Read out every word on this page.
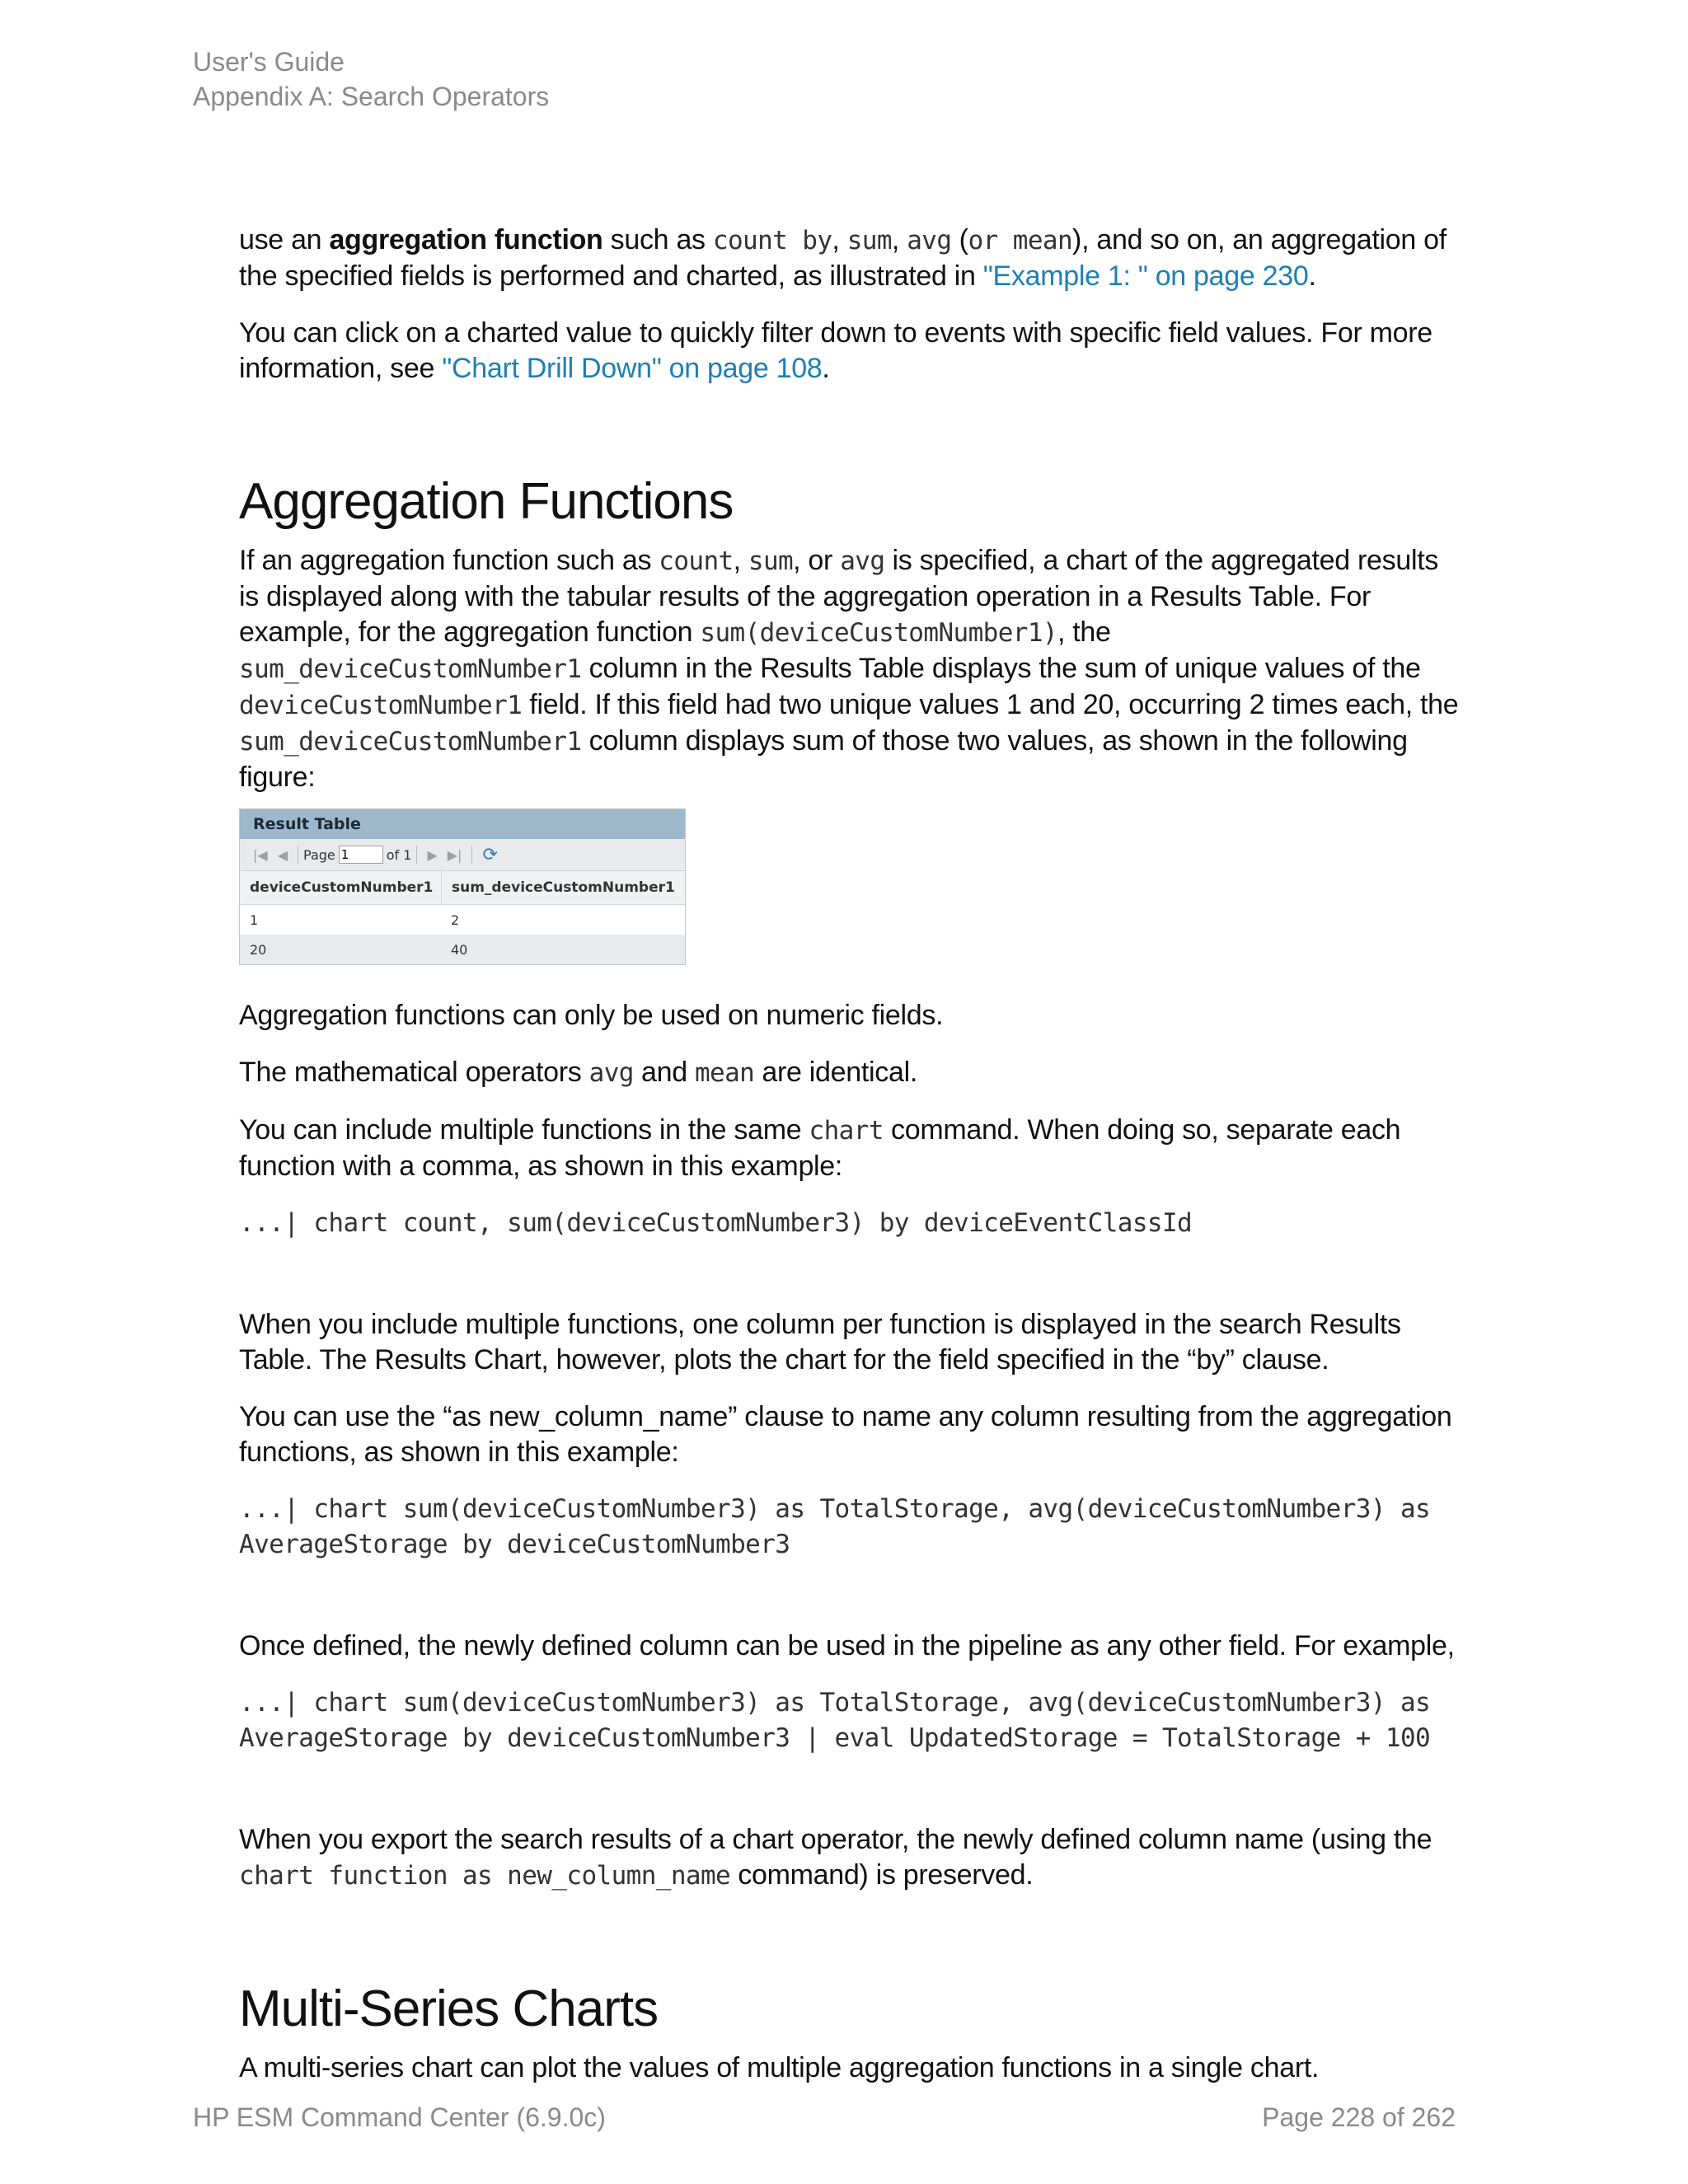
User's Guide
Appendix A: Search Operators

use an aggregation function such as count by, sum, avg (or mean), and so on, an aggregation of the specified fields is performed and charted, as illustrated in "Example 1: " on page 230.

You can click on a charted value to quickly filter down to events with specific field values. For more information, see "Chart Drill Down" on page 108.

Aggregation Functions

If an aggregation function such as count, sum, or avg is specified, a chart of the aggregated results is displayed along with the tabular results of the aggregation operation in a Results Table. For example, for the aggregation function sum(deviceCustomNumber1), the sum_deviceCustomNumber1 column in the Results Table displays the sum of unique values of the deviceCustomNumber1 field. If this field had two unique values 1 and 20, occurring 2 times each, the sum_deviceCustomNumber1 column displays sum of those two values, as shown in the following figure:

Result Table
|◀ ◀ Page
1	of 1 ▶ ▶| ⟳
deviceCustomNumber1	sum_deviceCustomNumber1
1	2
20	40

Aggregation functions can only be used on numeric fields.

The mathematical operators avg and mean are identical.

You can include multiple functions in the same chart command. When doing so, separate each function with a comma, as shown in this example:

...| chart count, sum(deviceCustomNumber3) by deviceEventClassId

When you include multiple functions, one column per function is displayed in the search Results Table. The Results Chart, however, plots the chart for the field specified in the “by” clause.

You can use the “as new_column_name” clause to name any column resulting from the aggregation functions, as shown in this example:

...| chart sum(deviceCustomNumber3) as TotalStorage, avg(deviceCustomNumber3) as
AverageStorage by deviceCustomNumber3

Once defined, the newly defined column can be used in the pipeline as any other field. For example,

...| chart sum(deviceCustomNumber3) as TotalStorage, avg(deviceCustomNumber3) as
AverageStorage by deviceCustomNumber3 | eval UpdatedStorage = TotalStorage + 100

When you export the search results of a chart operator, the newly defined column name (using the chart function as new_column_name command) is preserved.

Multi-Series Charts

A multi-series chart can plot the values of multiple aggregation functions in a single chart.

HP ESM Command Center (6.9.0c)	Page 228 of 262
